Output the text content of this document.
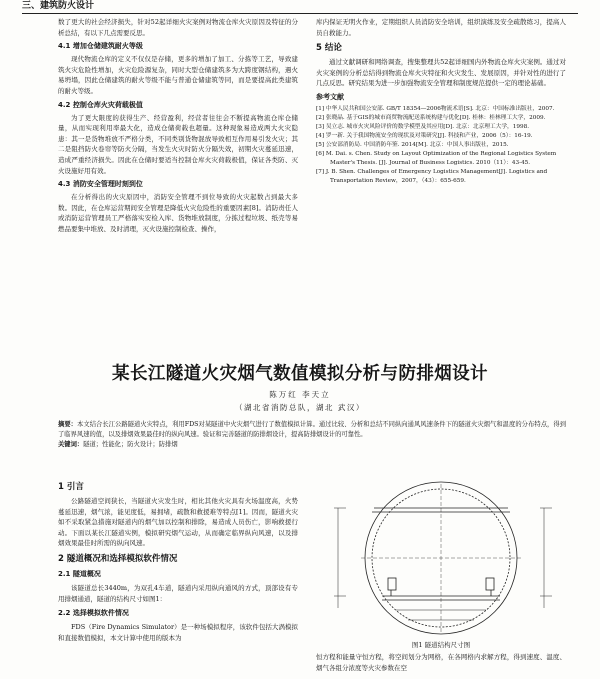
三、建筑防火设计

数了更大的社会经济损失，针对52起详细火灾案例对物流仓库火灾原因及特征的分析总结，有以下几点需要反思。

4.1 增加仓储建筑耐火等级

现代物流仓库的定义不仅仅是存储，更多的增加了加工、分拣等工艺，导致建筑火灾危险性增加，火灾危险源复杂，同时大型仓储建筑多为大跨度钢结构，遇火易坍塌，因此仓储建筑的耐火等级不能与普通仓储建筑等同，而是要提高此类建筑的耐火等级。

4.2 控制仓库火灾荷载极值

为了更大限度的获得生产、经营盈利，经营者往往会不断提高物流仓库仓储量，从而实现利用率最大化，造成仓储荷载也超量。这种现象易造成两大火灾隐患：其一是货物堆放不严格分类，不同类别货物混放导致相互作用易引发火灾；其二是阻挡防火卷帘等防火分隔，当发生火灾时防火分隔失效，初期火灾蔓延迅速，造成严重经济损失。因此在仓储时要适当控制仓库火灾荷载极值，保证各类防、灭火设施好用有效。

4.3 消防安全管理时刻到位

在分析得出的火灾原因中，消防安全管理不到位导致的火灾起数占到最大多数。因此，在仓库运营期间安全管理是降低火灾危险性的重要因素[8]。消防责任人或消防运营管理员工严格落实安检入库、货物堆放制度，分拣过程垃圾、纸壳等易燃品要集中堆放、及时清理，灭火设施控制检查、操作，

库内保证无明火作业，定期组织人员消防安全培训，组织演练及安全疏散练习，提高人员自救能力。

5 结论

通过文献调研和网络调查，搜集整理共52起详细国内外物流仓库火灾案例。通过对火灾案例的分析总结得到物流仓库火灾特征和火灾发生、发展原因，并针对性的进行了几点反思。研究结果为进一步加强物流安全管理和制度规范提供一定的理论基础。

参考文献
[1] 中华人民共和国公安部. GB/T 18354—2006物流术语[S]. 北京：中国标准出版社，2007.
[2] 张晓晶. 基于GIS的城市商贸物流配送系统构建与优化[D]. 桂林：桂林理工大学，2009.
[3] 吴立志. 城市火灾风险评价的数学模型及其应用[D]. 北京：北京理工大学，1998.
[4] 罗一新. 关于我国物流安全的现状及对策研究[J]. 科技和产业，2006（5）：16-19.
[5] 公安部消防局. 中国消防年鉴. 2014[M]. 北京：中国人事出版社，2015.
[6] M. Dai. s. Chen. Study on Layout Optimization of the Regional Logistics System Master's Thesis. [J]. Journal of Business Logistics. 2010（11）：43-45.
[7] J. B. Shen. Challenges of Emergency Logistics Management[J]. Logistics and Transportation Review，2007，（43）：655-659.
某长江隧道火灾烟气数值模拟分析与防排烟设计
陈万红 李天立
（湖北省消防总队，湖北 武汉）
摘要：本文结合长江公路隧道火灾特点，利用FDS对某隧道中火灾烟气进行了数值模拟计算。通过比较、分析和总结不同纵向通风风速条件下的隧道火灾烟气和温度的分布特点，得到了临界风速的值，以及排烟效果最佳时的纵向风速。验证和完善隧道的防排烟设计，提高防排烟设计的可靠性。
关键词：隧道；性能化；防火设计；防排烟
1 引言

公路隧道空间狭长，当隧道火灾发生时，相比其他火灾具有火场温度高，火势蔓延迅速，烟气浓，能见度低，易拥堵，疏散和救援难等特点[1]。因而，隧道火灾如不采取紧急措施对隧道内的烟气加以控制和排除，易造成人员伤亡，影响救援行动。下面以某长江隧道实例，模拟研究烟气运动，从而确定临界纵向风速，以及排烟效果最佳时所需的纵向风速。

2 隧道概况和选择模拟软件情况
2.1 隧道概况

该隧道总长3440m，为双孔4车道，隧道内采用纵向通风的方式，顶部设有专用排烟通道，隧道的结构尺寸如图1：

2.2 选择模拟软件情况

FDS（Fire Dynamics Simulator）是一种场模拟程序，该软件包括大涡模拟和直接数值模拟，本文计算中使用的版本为

图1 隧道结构尺寸图

恒方程和能量守恒方程，将空间划分为网格，在各网格内求解方程，得到速度、温度、烟气各组分浓度等火灾参数在空
